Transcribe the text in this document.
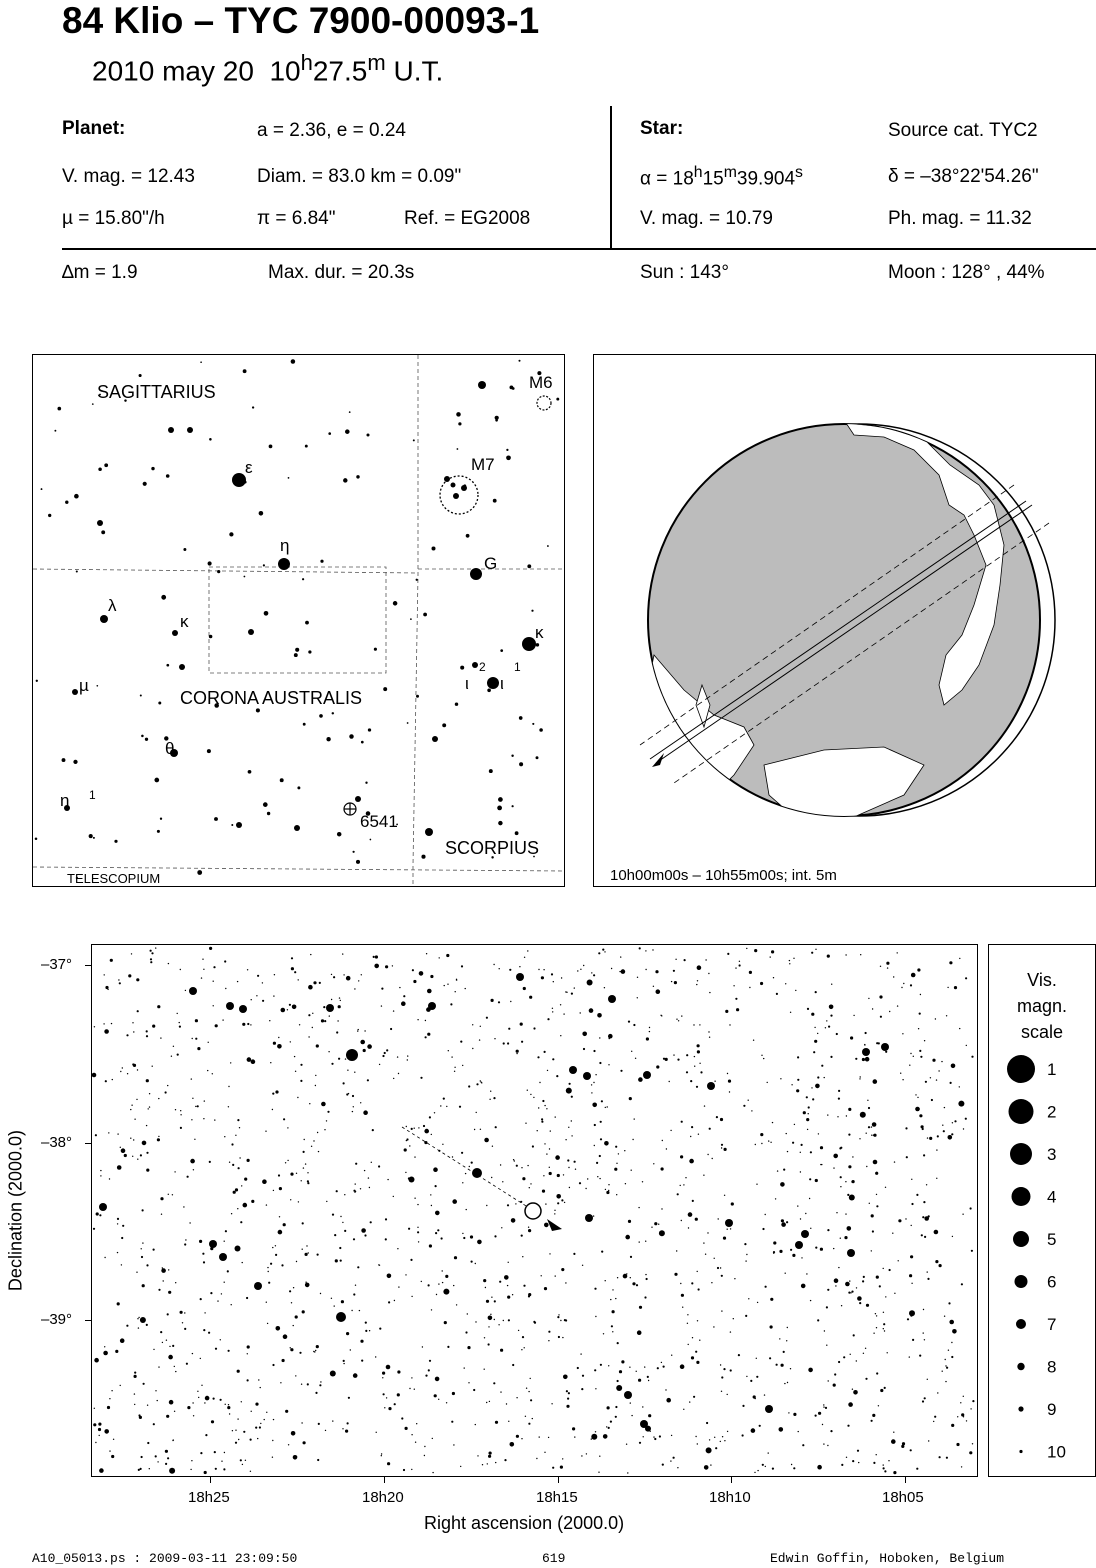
84 Klio – TYC 7900-00093-1
2010 may 20 10$^h$27.5$^m$ U.T.
Planet:	a = 2.36, e = 0.24
V. mag. = 12.43	Diam. = 83.0 km = 0.09"
µ = 15.80"/h	π = 6.84"	Ref. = EG2008
Star:	Source cat. TYC2
$\alpha = 18^h15^m39.904^s$	δ = –38°22'54.26"
V. mag. = 10.79	Ph. mag. = 11.32
∆m = 1.9	Max. dur. = 20.3s	Sun : 143°	Moon : 128° , 44%
SAGITTARIUS
CORONA AUSTRALIS
SCORPIUS
TELESCOPIUM
M6
M7
G
6541
ε
η
λ
κ
µ
θ
η 1
κ
ι
2
ι
1
10h00m00s – 10h55m00s; int. 5m
–37°
–38°
–39°
18h25	18h20	18h15	18h10	18h05
Right ascension (2000.0)
Declination (2000.0)
Vis.
magn.
scale
1
2
3
4
5
6
7
8
9
10
A10_05013.ps : 2009-03-11 23:09:50	619	Edwin Goffin, Hoboken, Belgium
